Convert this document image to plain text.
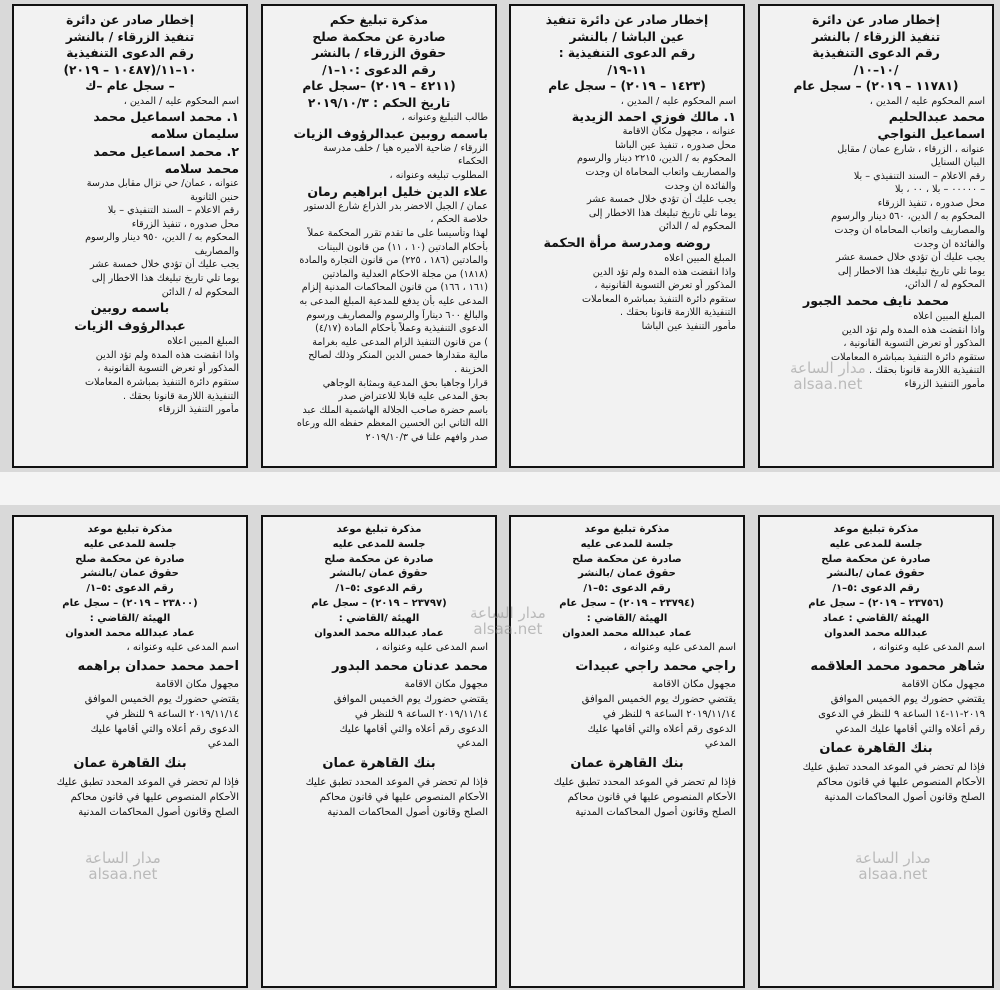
إخطار صادر عن دائرة
تنفيذ الزرقاء / بالنشر
رقم الدعوى التنفيذية
/١٠–١٠/
(١١٧٨١ – ٢٠١٩) – سجل عام
اسم المحكوم عليه / المدين ،
محمد عبدالحليم
اسماعيل النواجي
عنوانه ، الزرقاء ، شارع عمان / مقابل
البيان السنايل
رقم الاعلام – السند التنفيذي – بلا
– ٠٠٠٠٠ – بلا ، ٠٠ ، بلا
محل صدوره ، تنفيذ الزرقاء
المحكوم به / الدين، ٥٦٠ دينار والرسوم
والمصاريف واتعاب المحاماة ان وجدت
والفائدة ان وجدت
يجب عليك أن تؤدي خلال خمسة عشر
يوما تلي تاريخ تبليغك هذا الاخطار إلى
المحكوم له / الدائن،
محمد نايف محمد الجبور
المبلغ المبين اعلاه
واذا انقضت هذه المدة ولم تؤد الدين
المذكور أو تعرض التسوية القانونية ،
ستقوم دائرة التنفيذ بمباشرة المعاملات
التنفيذية اللازمة قانونا بحقك .
مأمور التنفيذ الزرقاء
إخطار صادر عن دائرة تنفيذ
عين الباشا / بالنشر
رقم الدعوى التنفيذية :
١١-١٩/
(١٤٢٣ – ٢٠١٩) – سجل عام
اسم المحكوم عليه / المدين ،
١. مالك فوزي احمد الزيدية
عنوانه ، مجهول مكان الاقامة
محل صدوره ، تنفيذ عين الباشا
المحكوم به / الدين، ٢٢١٥ دينار والرسوم
والمصاريف واتعاب المحاماة ان وجدت
والفائدة ان وجدت
يجب عليك أن تؤدي خلال خمسة عشر
يوما تلي تاريخ تبليغك هذا الاخطار إلى
المحكوم له / الدائن
روضه ومدرسة مرأة الحكمة
المبلغ المبين اعلاه
واذا انقضت هذه المدة ولم تؤد الدين
المذكور أو تعرض التسوية القانونية ،
ستقوم دائرة التنفيذ بمباشرة المعاملات
التنفيذية اللازمة قانونا بحقك .
مأمور التنفيذ عين الباشا
مذكرة تبليغ حكم
صادرة عن محكمة صلح
حقوق الزرقاء / بالنشر
رقم الدعوى :١٠–١/
(٤٢١١ – ٢٠١٩) –سجل عام
تاريخ الحكم : ٢٠١٩/١٠/٣
طالب التبليغ وعنوانه ،
باسمه روبين عبدالرؤوف الزيات
الزرقاء / ضاحية الاميره هيا / خلف مدرسة
الحكماء
المطلوب تبليغه وعنوانه ،
علاء الدين خليل ابراهيم رمان
عمان / الجبل الاخضر بدر الذراع شارع الدستور
خلاصة الحكم ،
لهذا وتأسيسا على ما تقدم تقرر المحكمة عملاً
بأحكام المادتين (١٠ ، ١١) من قانون البينات
والمادتين (١٨٦ ، ٢٢٥) من قانون التجارة والمادة
(١٨١٨) من مجلة الاحكام العدلية والمادتين
(١٦١ ، ١٦٦) من قانون المحاكمات المدنية إلزام
المدعى عليه بأن يدفع للمدعية المبلغ المدعى به
والبالغ ٦٠٠ ديناراً والرسوم والمصاريف ورسوم
الدعوى التنفيذية وعملاً بأحكام المادة (٤/١٧)
) من قانون التنفيذ الزام المدعى عليه بغرامة
مالية مقدارها خمس الدين المنكر وذلك لصالح
الخزينة .
قرارا وجاهيا بحق المدعية وبمثابة الوجاهي
بحق المدعى عليه قابلا للاعتراض صدر
باسم حضرة صاحب الجلالة الهاشمية الملك عبد
الله الثاني ابن الحسين المعظم حفظه الله ورعاه
صدر وافهم علنا في ٢٠١٩/١٠/٣
إخطار صادر عن دائرة
تنفيذ الزرقاء / بالنشر
رقم الدعوى التنفيذية
١٠–١١/(١٠٤٨٧ – ٢٠١٩)
– سجل عام –ك
اسم المحكوم عليه / المدين ،
١. محمد اسماعيل محمد
سليمان سلامه
٢. محمد اسماعيل محمد
محمد سلامه
عنوانه ، عمان/ حي نزال مقابل مدرسة
حنين الثانوية
رقم الاعلام – السند التنفيذي – بلا
محل صدوره ، تنفيذ الزرقاء
المحكوم به / الدين، ٩٥٠ دينار والرسوم
والمصاريف
يجب عليك أن تؤدي خلال خمسة عشر
يوما تلي تاريخ تبليغك هذا الاخطار إلى
المحكوم له / الدائن
باسمه روبين
عبدالرؤوف الزيات
المبلغ المبين اعلاه
واذا انقضت هذه المدة ولم تؤد الدين
المذكور أو تعرض التسوية القانونية ،
ستقوم دائرة التنفيذ بمباشرة المعاملات
التنفيذية اللازمة قانونا بحقك .
مأمور التنفيذ الزرقاء
مذكرة تبليغ موعد
جلسة للمدعى عليه
صادرة عن محكمة صلح
حقوق عمان /بالنشر
رقم الدعوى :٥–١/
(٢٣٧٥٦ – ٢٠١٩) – سجل عام
الهيئة /القاضي : عماد
عبدالله محمد العدوان
اسم المدعى عليه وعنوانه ،
شاهر محمود محمد العلاقمه
مجهول مكان الاقامة
يقتضي حضورك يوم الخميس الموافق
٢٠١٩-١١-١٤ الساعة ٩ للنظر في الدعوى
رقم أعلاه والتي أقامها عليك المدعي
بنك القاهرة عمان
فإذا لم تحضر في الموعد المحدد تطبق عليك
الأحكام المنصوص عليها في قانون محاكم
الصلح وقانون أصول المحاكمات المدنية
مذكرة تبليغ موعد
جلسة للمدعى عليه
صادرة عن محكمة صلح
حقوق عمان /بالنشر
رقم الدعوى :٥–١/
(٢٣٧٩٤ – ٢٠١٩) – سجل عام
الهيئة /القاضي :
عماد عبدالله محمد العدوان
اسم المدعى عليه وعنوانه ،
راجي محمد راجي عبيدات
مجهول مكان الاقامة
يقتضي حضورك يوم الخميس الموافق
٢٠١٩/١١/١٤ الساعة ٩ للنظر في
الدعوى رقم أعلاه والتي أقامها عليك
المدعي
بنك القاهرة عمان
فإذا لم تحضر في الموعد المحدد تطبق عليك
الأحكام المنصوص عليها في قانون محاكم
الصلح وقانون أصول المحاكمات المدنية
مذكرة تبليغ موعد
جلسة للمدعى عليه
صادرة عن محكمة صلح
حقوق عمان /بالنشر
رقم الدعوى :٥–١/
(٢٣٧٩٧ – ٢٠١٩) – سجل عام
الهيئة /القاضي :
عماد عبدالله محمد العدوان
اسم المدعى عليه وعنوانه ،
محمد عدنان محمد البدور
مجهول مكان الاقامة
يقتضي حضورك يوم الخميس الموافق
٢٠١٩/١١/١٤ الساعة ٩ للنظر في
الدعوى رقم أعلاه والتي أقامها عليك
المدعي
بنك القاهرة عمان
فإذا لم تحضر في الموعد المحدد تطبق عليك
الأحكام المنصوص عليها في قانون محاكم
الصلح وقانون أصول المحاكمات المدنية
مذكرة تبليغ موعد
جلسة للمدعى عليه
صادرة عن محكمة صلح
حقوق عمان /بالنشر
رقم الدعوى :٥–١/
(٢٣٨٠٠ – ٢٠١٩) – سجل عام
الهيئة /القاضي :
عماد عبدالله محمد العدوان
اسم المدعى عليه وعنوانه ،
احمد محمد حمدان براهمه
مجهول مكان الاقامة
يقتضي حضورك يوم الخميس الموافق
٢٠١٩/١١/١٤ الساعة ٩ للنظر في
الدعوى رقم أعلاه والتي أقامها عليك
المدعي
بنك القاهرة عمان
فإذا لم تحضر في الموعد المحدد تطبق عليك
الأحكام المنصوص عليها في قانون محاكم
الصلح وقانون أصول المحاكمات المدنية
مدار الساعة
alsaa.net
مدار الساعة
alsaa.net
مدار الساعة
alsaa.net
مدار الساعة
alsaa.net
